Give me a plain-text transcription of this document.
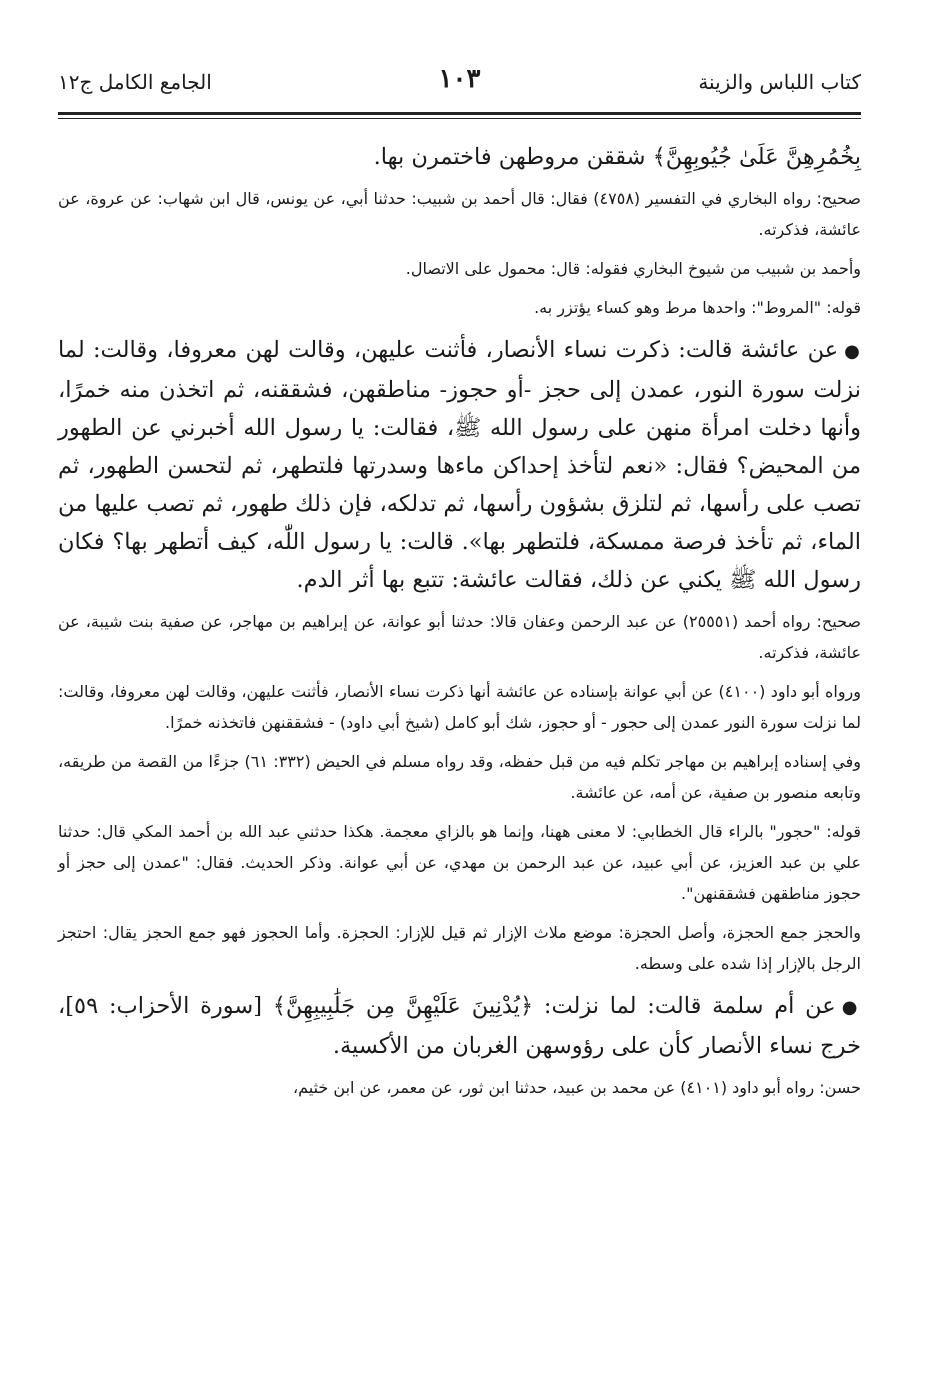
كتاب اللباس والزينة
١٠٣
الجامع الكامل ج١٢

بِخُمُرِهِنَّ عَلَىٰ جُيُوبِهِنَّ﴾ شققن مروطهن فاختمرن بها.

صحيح: رواه البخاري في التفسير (٤٧٥٨) فقال: قال أحمد بن شبيب: حدثنا أبي، عن يونس، قال ابن شهاب: عن عروة، عن عائشة، فذكرته.

وأحمد بن شبيب من شيوخ البخاري فقوله: قال: محمول على الاتصال.

قوله: "المروط": واحدها مرط وهو كساء يؤتزر به.

●عن عائشة قالت: ذكرت نساء الأنصار، فأثنت عليهن، وقالت لهن معروفا، وقالت: لما نزلت سورة النور، عمدن إلى حجز -أو حجوز- مناطقهن، فشققنه، ثم اتخذن منه خمرًا، وأنها دخلت امرأة منهن على رسول الله ﷺ، فقالت: يا رسول الله أخبرني عن الطهور من المحيض؟ فقال: «نعم لتأخذ إحداكن ماءها وسدرتها فلتطهر، ثم لتحسن الطهور، ثم تصب على رأسها، ثم لتلزق بشؤون رأسها، ثم تدلكه، فإن ذلك طهور، ثم تصب عليها من الماء، ثم تأخذ فرصة ممسكة، فلتطهر بها». قالت: يا رسول اللّٰه، كيف أتطهر بها؟ فكان رسول الله ﷺ يكني عن ذلك، فقالت عائشة: تتبع بها أثر الدم.

صحيح: رواه أحمد (٢٥٥٥١) عن عبد الرحمن وعفان قالا: حدثنا أبو عوانة، عن إبراهيم بن مهاجر، عن صفية بنت شيبة، عن عائشة، فذكرته.

ورواه أبو داود (٤١٠٠) عن أبي عوانة بإسناده عن عائشة أنها ذكرت نساء الأنصار، فأثنت عليهن، وقالت لهن معروفا، وقالت: لما نزلت سورة النور عمدن إلى حجور - أو حجوز، شك أبو كامل (شيخ أبي داود) - فشققنهن فاتخذنه خمرًا.

وفي إسناده إبراهيم بن مهاجر تكلم فيه من قبل حفظه، وقد رواه مسلم في الحيض (٣٣٢: ٦١) جزءًا من القصة من طريقه، وتابعه منصور بن صفية، عن أمه، عن عائشة.

قوله: "حجور" بالراء قال الخطابي: لا معنى ههنا، وإنما هو بالزاي معجمة. هكذا حدثني عبد الله بن أحمد المكي قال: حدثنا علي بن عبد العزيز، عن أبي عبيد، عن عبد الرحمن بن مهدي، عن أبي عوانة. وذكر الحديث. فقال: "عمدن إلى حجز أو حجوز مناطقهن فشققنهن".

والحجز جمع الحجزة، وأصل الحجزة: موضع ملاث الإزار ثم قيل للإزار: الحجزة. وأما الحجوز فهو جمع الحجز يقال: احتجز الرجل بالإزار إذا شده على وسطه.

●عن أم سلمة قالت: لما نزلت: ﴿يُدْنِينَ عَلَيْهِنَّ مِن جَلَٰبِيبِهِنَّ﴾ [سورة الأحزاب: ٥٩]، خرج نساء الأنصار كأن على رؤوسهن الغربان من الأكسية.

حسن: رواه أبو داود (٤١٠١) عن محمد بن عبيد، حدثنا ابن ثور، عن معمر، عن ابن خثيم،
